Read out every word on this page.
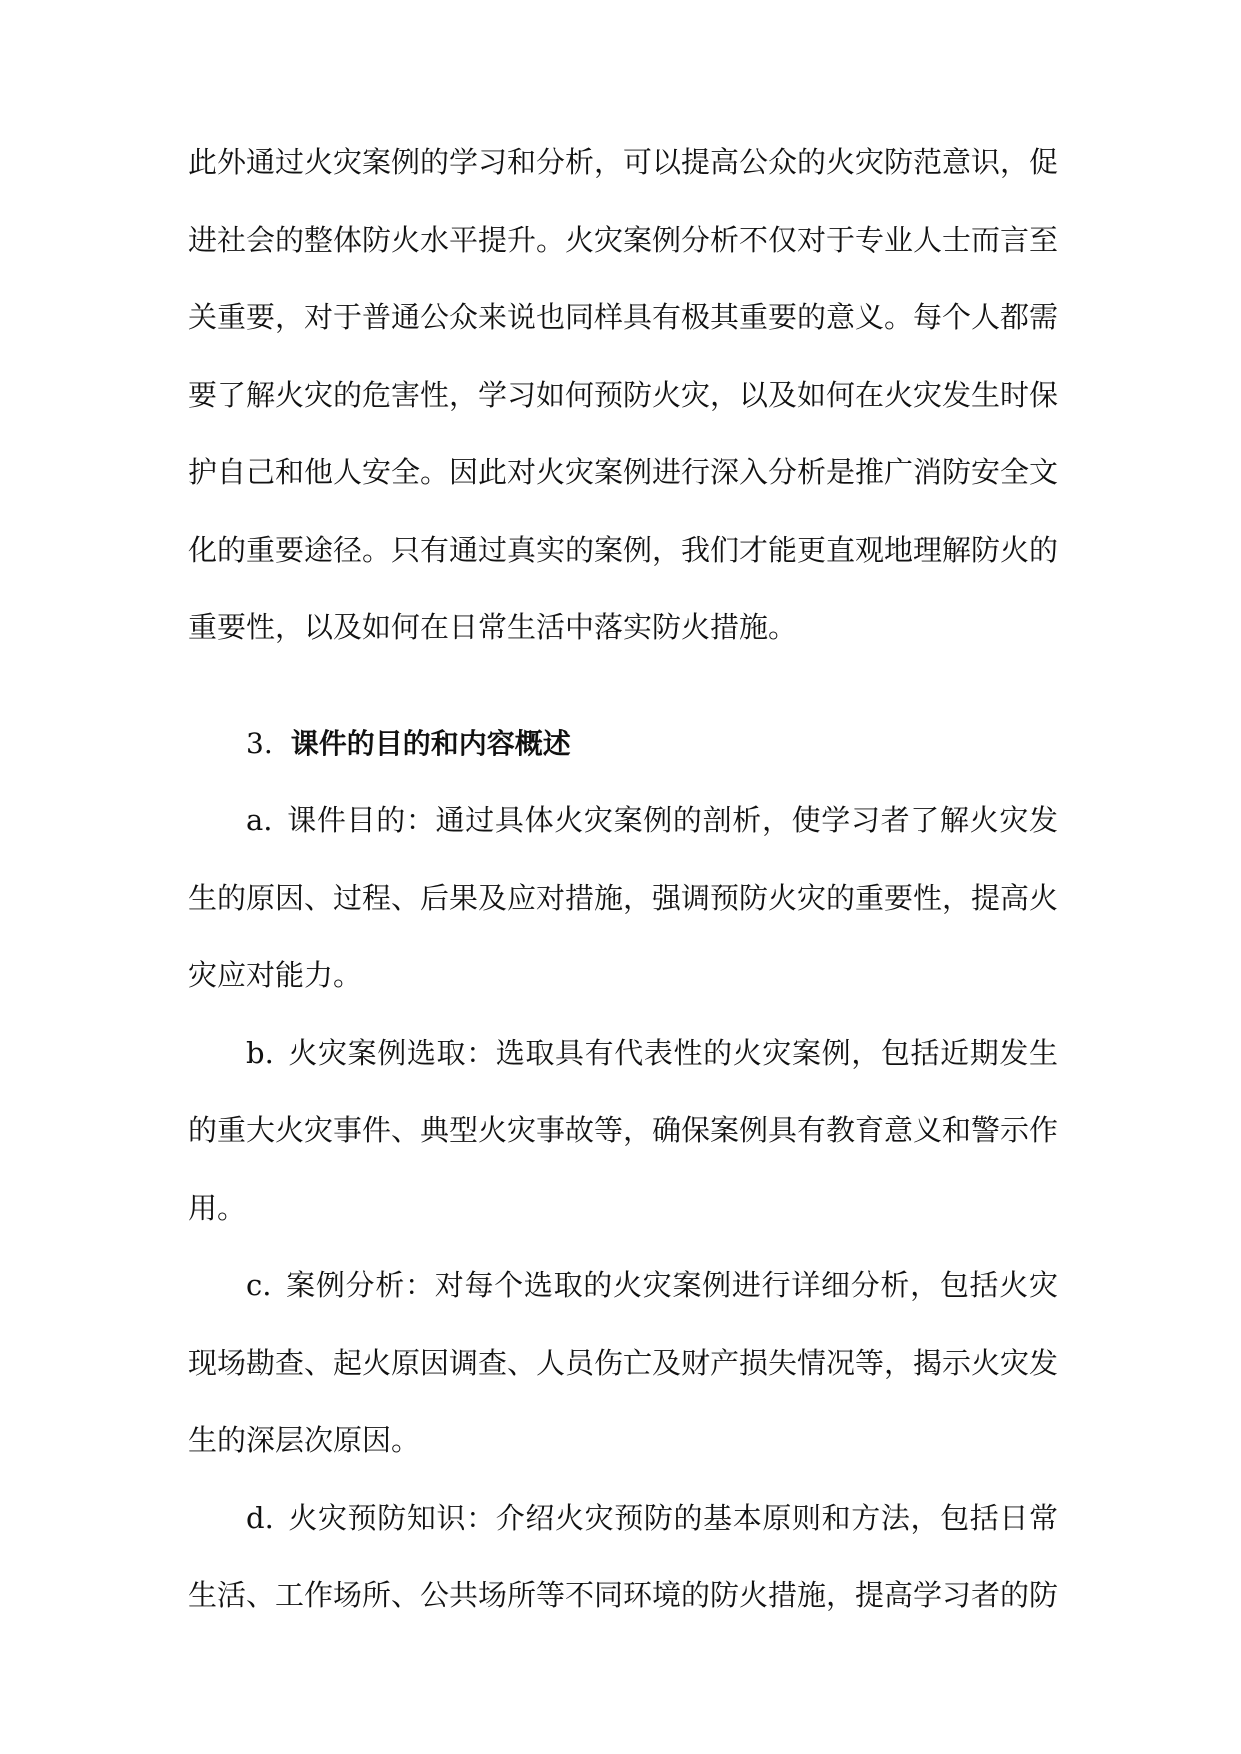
此外通过火灾案例的学习和分析，可以提高公众的火灾防范意识，促进社会的整体防火水平提升。火灾案例分析不仅对于专业人士而言至关重要，对于普通公众来说也同样具有极其重要的意义。每个人都需要了解火灾的危害性，学习如何预防火灾，以及如何在火灾发生时保护自己和他人安全。因此对火灾案例进行深入分析是推广消防安全文化的重要途径。只有通过真实的案例，我们才能更直观地理解防火的重要性，以及如何在日常生活中落实防火措施。

3. 课件的目的和内容概述

a. 课件目的：通过具体火灾案例的剖析，使学习者了解火灾发生的原因、过程、后果及应对措施，强调预防火灾的重要性，提高火灾应对能力。

b. 火灾案例选取：选取具有代表性的火灾案例，包括近期发生的重大火灾事件、典型火灾事故等，确保案例具有教育意义和警示作用。

c. 案例分析：对每个选取的火灾案例进行详细分析，包括火灾现场勘查、起火原因调查、人员伤亡及财产损失情况等，揭示火灾发生的深层次原因。

d. 火灾预防知识：介绍火灾预防的基本原则和方法，包括日常生活、工作场所、公共场所等不同环境的防火措施，提高学习者的防
